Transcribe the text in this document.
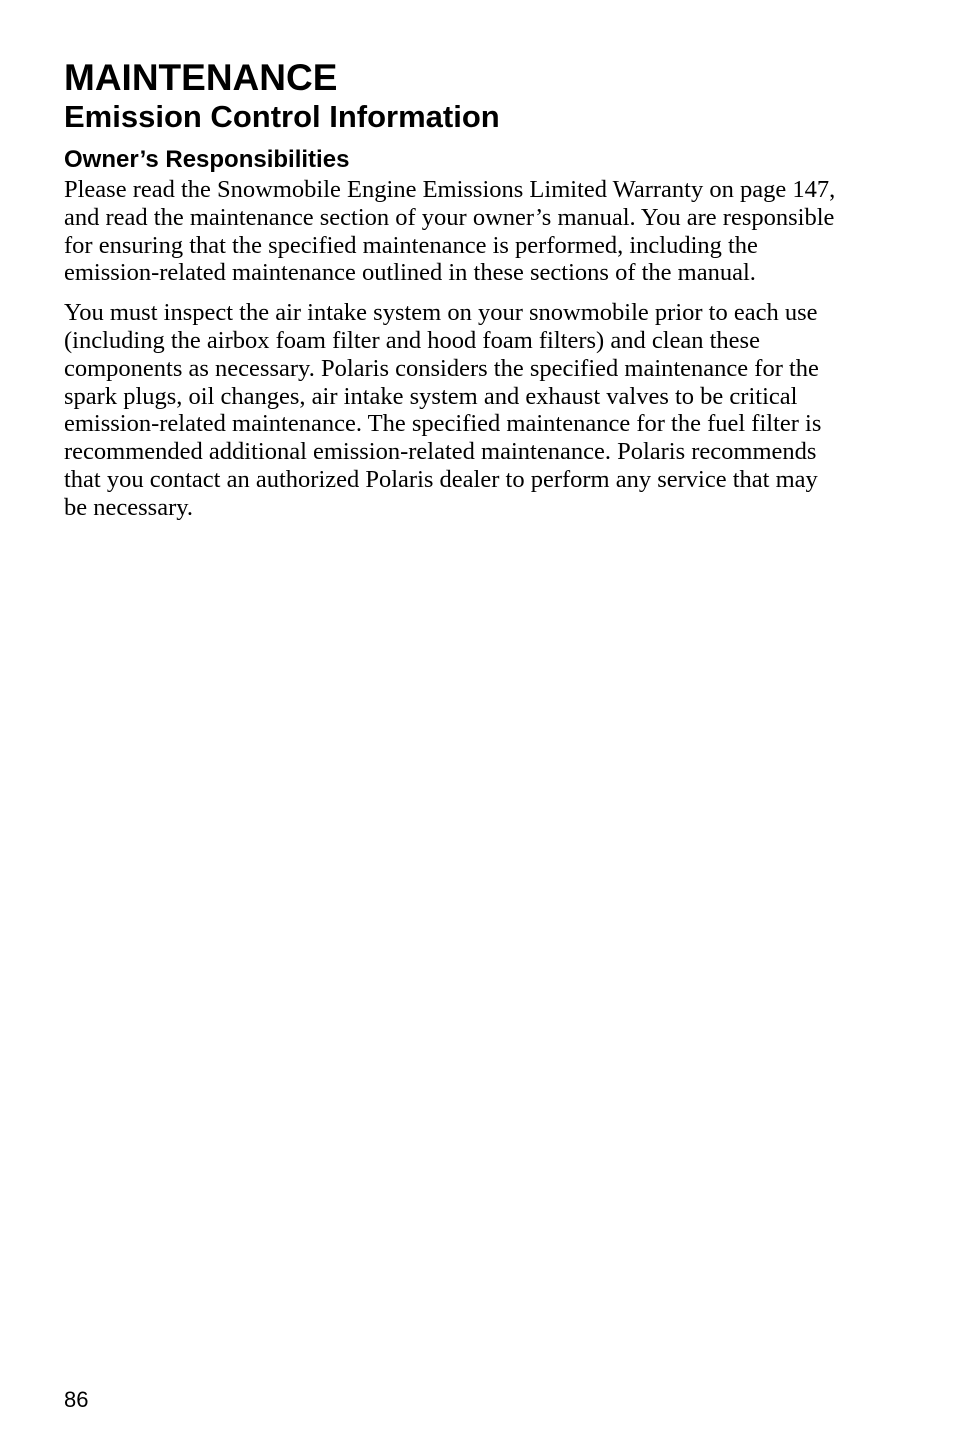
MAINTENANCE
Emission Control Information
Owner’s Responsibilities

Please read the Snowmobile Engine Emissions Limited Warranty on page 147, and read the maintenance section of your owner’s manual. You are responsible for ensuring that the specified maintenance is performed, including the emission-related maintenance outlined in these sections of the manual.

You must inspect the air intake system on your snowmobile prior to each use (including the airbox foam filter and hood foam filters) and clean these components as necessary. Polaris considers the specified maintenance for the spark plugs, oil changes, air intake system and exhaust valves to be critical emission-related maintenance. The specified maintenance for the fuel filter is recommended additional emission-related maintenance. Polaris recommends that you contact an authorized Polaris dealer to perform any service that may be necessary.

86
